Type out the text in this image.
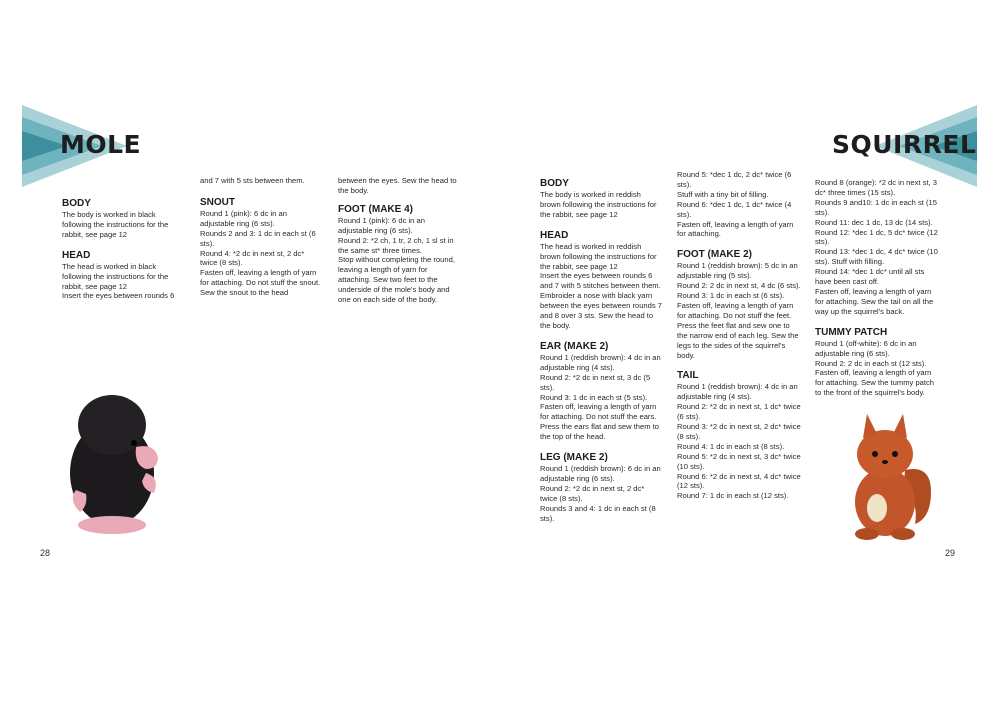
MOLE
BODY

The body is worked in black following the instructions for the rabbit, see page 12

HEAD

The head is worked in black following the instructions for the rabbit, see page 12
Insert the eyes between rounds 6

and 7 with 5 sts between them.

SNOUT

Round 1 (pink): 6 dc in an adjustable ring (6 sts).
Rounds 2 and 3: 1 dc in each st (6 sts).
Round 4: *2 dc in next st, 2 dc* twice (8 sts).
Fasten off, leaving a length of yarn for attaching. Do not stuff the snout. Sew the snout to the head

between the eyes. Sew the head to the body.

FOOT (MAKE 4)

Round 1 (pink): 6 dc in an adjustable ring (6 sts).
Round 2: *2 ch, 1 tr, 2 ch, 1 sl st in the same st* three times.
Stop without completing the round, leaving a length of yarn for attaching. Sew two feet to the underside of the mole's body and one on each side of the body.

28
SQUIRREL
BODY

The body is worked in reddish brown following the instructions for the rabbit, see page 12

HEAD

The head is worked in reddish brown following the instructions for the rabbit, see page 12
Insert the eyes between rounds 6 and 7 with 5 stitches between them. Embroider a nose with black yarn between the eyes between rounds 7 and 8 over 3 sts. Sew the head to the body.

EAR (MAKE 2)

Round 1 (reddish brown): 4 dc in an adjustable ring (4 sts).
Round 2: *2 dc in next st, 3 dc (5 sts).
Round 3: 1 dc in each st (5 sts).
Fasten off, leaving a length of yarn for attaching. Do not stuff the ears. Press the ears flat and sew them to the top of the head.

LEG (MAKE 2)

Round 1 (reddish brown): 6 dc in an adjustable ring (6 sts).
Round 2: *2 dc in next st, 2 dc* twice (8 sts).
Rounds 3 and 4: 1 dc in each st (8 sts).

Round 5: *dec 1 dc, 2 dc* twice (6 sts).
Stuff with a tiny bit of filling.
Round 6: *dec 1 dc, 1 dc* twice (4 sts).
Fasten off, leaving a length of yarn for attaching.

FOOT (MAKE 2)

Round 1 (reddish brown): 5 dc in an adjustable ring (5 sts).
Round 2: 2 dc in next st, 4 dc (6 sts).
Round 3: 1 dc in each st (6 sts).
Fasten off, leaving a length of yarn for attaching. Do not stuff the feet. Press the feet flat and sew one to the narrow end of each leg. Sew the legs to the sides of the squirrel's body.

TAIL

Round 1 (reddish brown): 4 dc in an adjustable ring (4 sts).
Round 2: *2 dc in next st, 1 dc* twice (6 sts).
Round 3: *2 dc in next st, 2 dc* twice (8 sts).
Round 4: 1 dc in each st (8 sts).
Round 5: *2 dc in next st, 3 dc* twice (10 sts).
Round 6: *2 dc in next st, 4 dc* twice (12 sts).
Round 7: 1 dc in each st (12 sts).

Round 8 (orange): *2 dc in next st, 3 dc* three times (15 sts).
Rounds 9 and10: 1 dc in each st (15 sts).
Round 11: dec 1 dc, 13 dc (14 sts).
Round 12: *dec 1 dc, 5 dc* twice (12 sts).
Round 13: *dec 1 dc, 4 dc* twice (10 sts). Stuff with filling.
Round 14: *dec 1 dc* until all sts have been cast off.
Fasten off, leaving a length of yarn for attaching. Sew the tail on all the way up the squirrel's back.

TUMMY PATCH

Round 1 (off-white): 6 dc in an adjustable ring (6 sts).
Round 2: 2 dc in each st (12 sts).
Fasten off, leaving a length of yarn for attaching. Sew the tummy patch to the front of the squirrel's body.

29
